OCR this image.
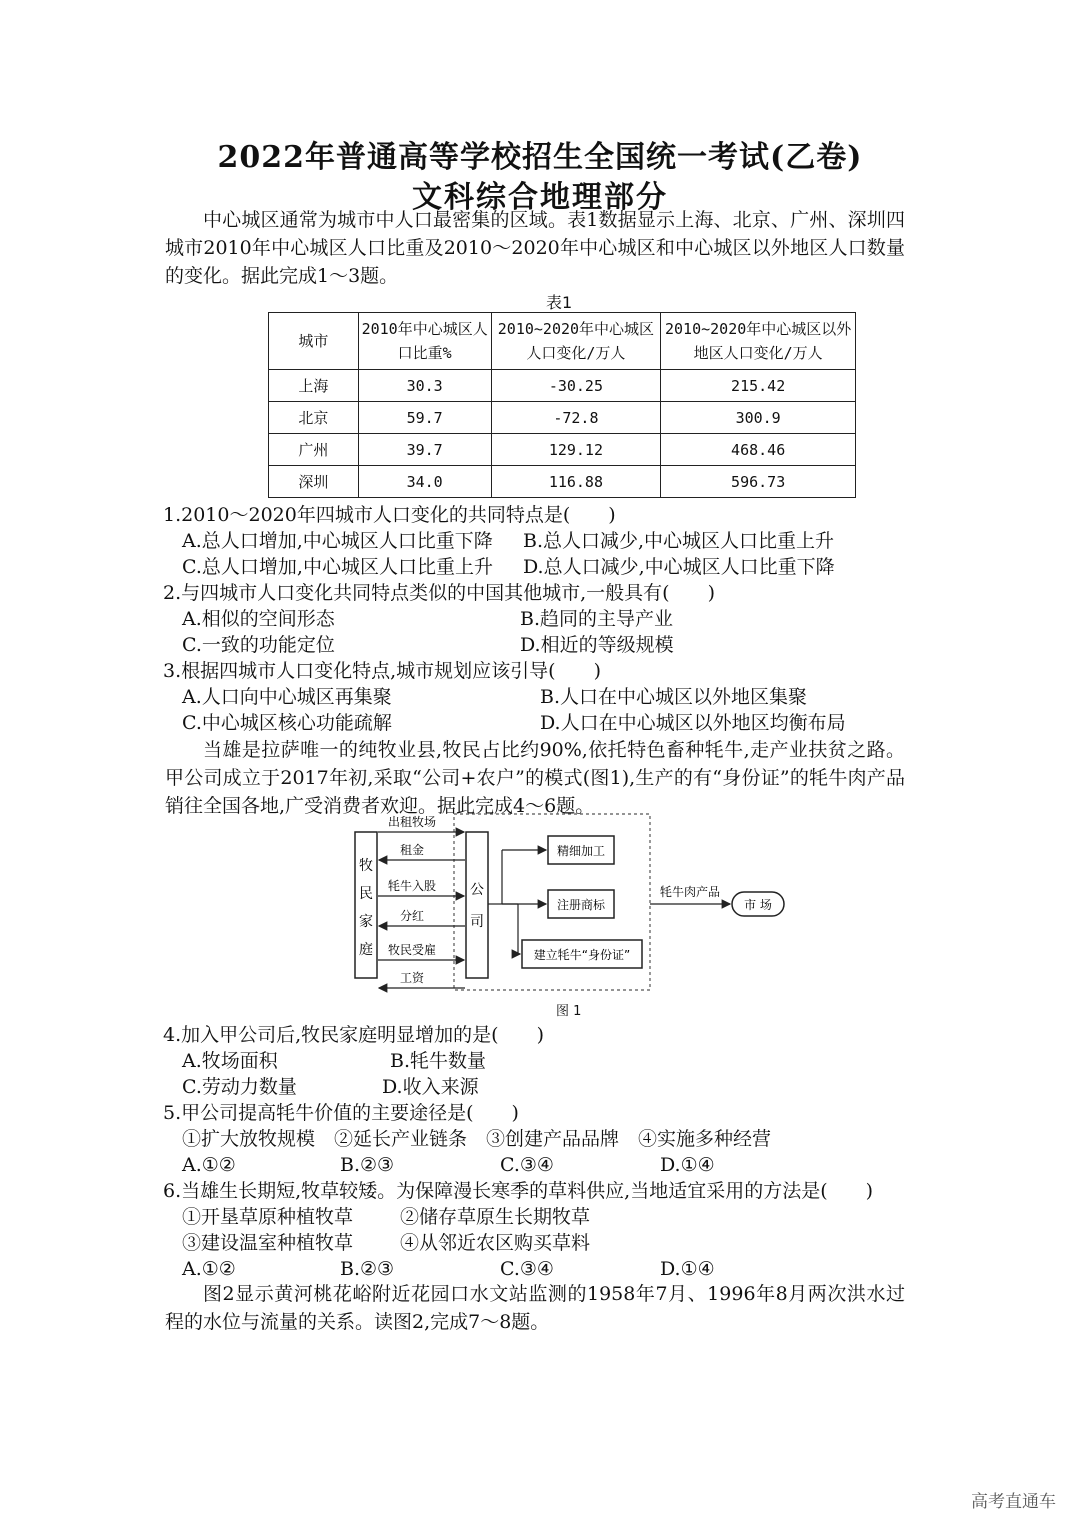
2022年普通高等学校招生全国统一考试(乙卷)
文科综合地理部分

中心城区通常为城市中人口最密集的区域。表1数据显示上海、北京、广州、深圳四城市2010年中心城区人口比重及2010～2020年中心城区和中心城区以外地区人口数量的变化。据此完成1～3题。

表1
城市	2010年中心城区人口比重%	2010~2020年中心城区人口变化/万人	2010~2020年中心城区以外地区人口变化/万人
上海	30.3	-30.25	215.42
北京	59.7	-72.8	300.9
广州	39.7	129.12	468.46
深圳	34.0	116.88	596.73
1.2010～2020年四城市人口变化的共同特点是(　　)
A.总人口增加,中心城区人口比重下降 B.总人口减少,中心城区人口比重上升
C.总人口增加,中心城区人口比重上升 D.总人口减少,中心城区人口比重下降
2.与四城市人口变化共同特点类似的中国其他城市,一般具有(　　)
A.相似的空间形态	B.趋同的主导产业
C.一致的功能定位	D.相近的等级规模
3.根据四城市人口变化特点,城市规划应该引导(　　)
A.人口向中心城区再集聚	B.人口在中心城区以外地区集聚
C.中心城区核心功能疏解	D.人口在中心城区以外地区均衡布局

当雄是拉萨唯一的纯牧业县,牧民占比约90%,依托特色畜种牦牛,走产业扶贫之路。甲公司成立于2017年初,采取“公司+农户”的模式(图1),生产的有“身份证”的牦牛肉产品销往全国各地,广受消费者欢迎。据此完成4～6题。

牧
民
家
庭
公
司
出租牧场
租金
牦牛入股
分红
牧民受雇
工资
精细加工
注册商标
建立牦牛“身份证”
牦牛肉产品
市 场
图 1
4.加入甲公司后,牧民家庭明显增加的是(　　)
A.牧场面积	B.牦牛数量
C.劳动力数量	D.收入来源
5.甲公司提高牦牛价值的主要途径是(　　)
①扩大放牧规模　②延长产业链条　③创建产品品牌　④实施多种经营
A.①②	B.②③	C.③④	D.①④
6.当雄生长期短,牧草较矮。为保障漫长寒季的草料供应,当地适宜采用的方法是(　　)
①开垦草原种植牧草 ②储存草原生长期牧草
③建设温室种植牧草 ④从邻近农区购买草料
A.①②	B.②③	C.③④	D.①④

图2显示黄河桃花峪附近花园口水文站监测的1958年7月、1996年8月两次洪水过程的水位与流量的关系。读图2,完成7～8题。

高考直通车
